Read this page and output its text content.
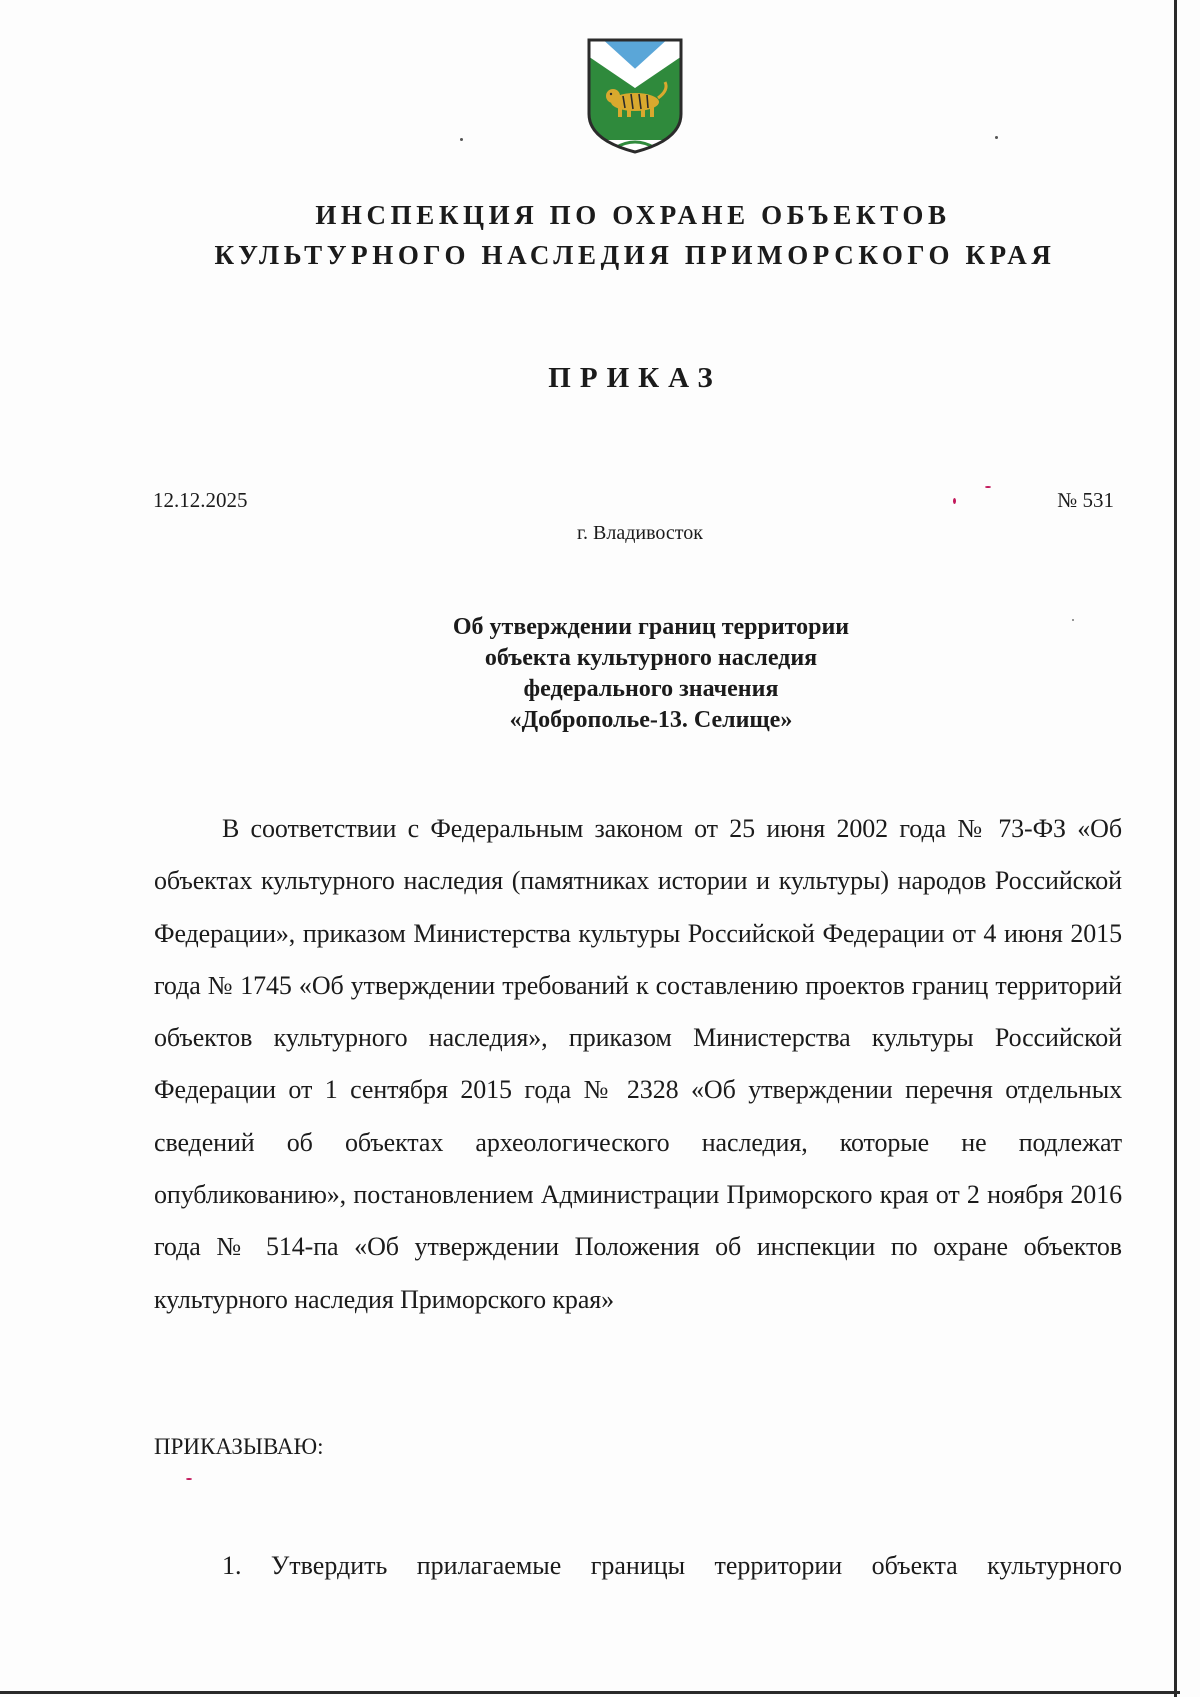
ИНСПЕКЦИЯ ПО ОХРАНЕ ОБЪЕКТОВ
КУЛЬТУРНОГО НАСЛЕДИЯ ПРИМОРСКОГО КРАЯ
ПРИКАЗ
12.12.2025	№ 531
г. Владивосток
Об утверждении границ территории
объекта культурного наследия
федерального значения
«Доброполье-13. Селище»
В соответствии с Федеральным законом от 25 июня 2002 года № 73-ФЗ «Об объектах культурного наследия (памятниках истории и культуры) народов Российской Федерации», приказом Министерства культуры Российской Федерации от 4 июня 2015 года № 1745 «Об утверждении требований к составлению проектов границ территорий объектов культурного наследия», приказом Министерства культуры Российской Федерации от 1 сентября 2015 года № 2328 «Об утверждении перечня отдельных сведений об объектах археологического наследия, которые не подлежат опубликованию», постановлением Администрации Приморского края от 2 ноября 2016 года № 514-па «Об утверждении Положения об инспекции по охране объектов культурного наследия Приморского края»
ПРИКАЗЫВАЮ:
1. Утвердить прилагаемые границы территории объекта культурного
